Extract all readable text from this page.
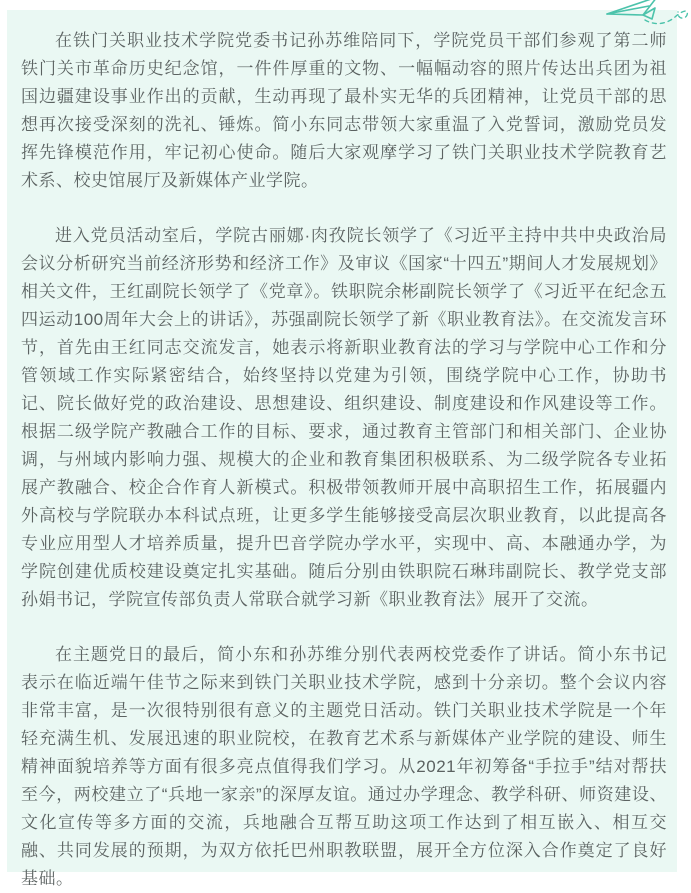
在铁门关职业技术学院党委书记孙苏维陪同下，学院党员干部们参观了第二师铁门关市革命历史纪念馆，一件件厚重的文物、一幅幅动容的照片传达出兵团为祖国边疆建设事业作出的贡献，生动再现了最朴实无华的兵团精神，让党员干部的思想再次接受深刻的洗礼、锤炼。简小东同志带领大家重温了入党誓词，激励党员发挥先锋模范作用，牢记初心使命。随后大家观摩学习了铁门关职业技术学院教育艺术系、校史馆展厅及新媒体产业学院。

进入党员活动室后，学院古丽娜·肉孜院长领学了《习近平主持中共中央政治局会议分析研究当前经济形势和经济工作》及审议《国家“十四五”期间人才发展规划》相关文件，王红副院长领学了《党章》。铁职院余彬副院长领学了《习近平在纪念五四运动100周年大会上的讲话》，苏强副院长领学了新《职业教育法》。在交流发言环节，首先由王红同志交流发言，她表示将新职业教育法的学习与学院中心工作和分管领域工作实际紧密结合，始终坚持以党建为引领，围绕学院中心工作，协助书记、院长做好党的政治建设、思想建设、组织建设、制度建设和作风建设等工作。根据二级学院产教融合工作的目标、要求，通过教育主管部门和相关部门、企业协调，与州域内影响力强、规模大的企业和教育集团积极联系、为二级学院各专业拓展产教融合、校企合作育人新模式。积极带领教师开展中高职招生工作，拓展疆内外高校与学院联办本科试点班，让更多学生能够接受高层次职业教育，以此提高各专业应用型人才培养质量，提升巴音学院办学水平，实现中、高、本融通办学，为学院创建优质校建设奠定扎实基础。随后分别由铁职院石琳玮副院长、教学党支部孙娟书记，学院宣传部负责人常联合就学习新《职业教育法》展开了交流。

在主题党日的最后，简小东和孙苏维分别代表两校党委作了讲话。简小东书记表示在临近端午佳节之际来到铁门关职业技术学院，感到十分亲切。整个会议内容非常丰富，是一次很特别很有意义的主题党日活动。铁门关职业技术学院是一个年轻充满生机、发展迅速的职业院校，在教育艺术系与新媒体产业学院的建设、师生精神面貌培养等方面有很多亮点值得我们学习。从2021年初筹备“手拉手”结对帮扶至今，两校建立了“兵地一家亲”的深厚友谊。通过办学理念、教学科研、师资建设、文化宣传等多方面的交流，兵地融合互帮互助这项工作达到了相互嵌入、相互交融、共同发展的预期，为双方依托巴州职教联盟，展开全方位深入合作奠定了良好基础。
